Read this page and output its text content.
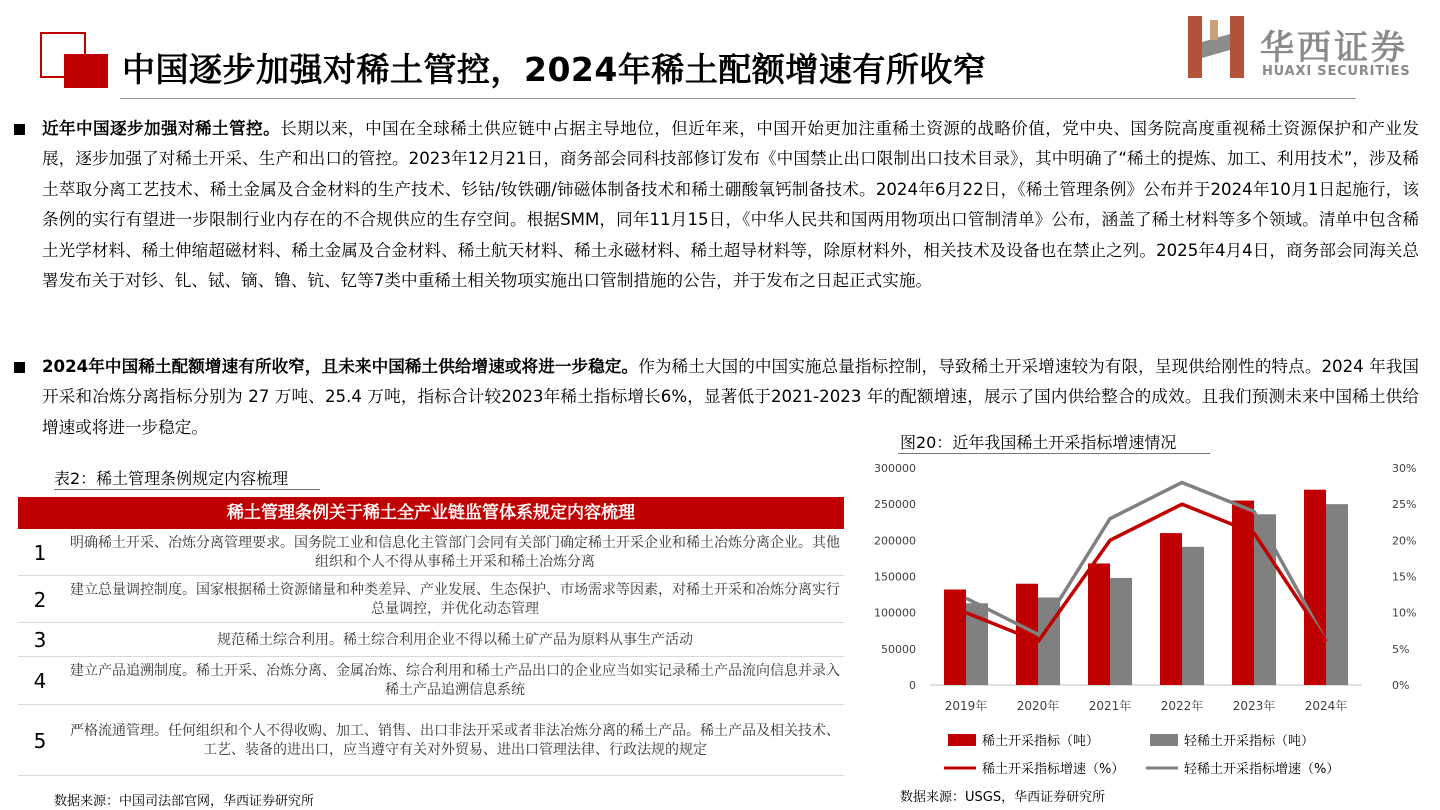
中国逐步加强对稀土管控，2024年稀土配额增速有所收窄
华西证券
HUAXI SECURITIES
近年中国逐步加强对稀土管控。长期以来，中国在全球稀土供应链中占据主导地位，但近年来，中国开始更加注重稀土资源的战略价值，党中央、国务院高度重视稀土资源保护和产业发展，逐步加强了对稀土开采、生产和出口的管控。2023年12月21日，商务部会同科技部修订发布《中国禁止出口限制出口技术目录》，其中明确了“稀土的提炼、加工、利用技术”，涉及稀土萃取分离工艺技术、稀土金属及合金材料的生产技术、钐钴/钕铁硼/铈磁体制备技术和稀土硼酸氧钙制备技术。2024年6月22日，《稀土管理条例》公布并于2024年10月1日起施行，该条例的实行有望进一步限制行业内存在的不合规供应的生存空间。根据SMM，同年11月15日，《中华人民共和国两用物项出口管制清单》公布，涵盖了稀土材料等多个领域。清单中包含稀土光学材料、稀土伸缩超磁材料、稀土金属及合金材料、稀土航天材料、稀土永磁材料、稀土超导材料等，除原材料外，相关技术及设备也在禁止之列。2025年4月4日，商务部会同海关总署发布关于对钐、钆、铽、镝、镥、钪、钇等7类中重稀土相关物项实施出口管制措施的公告，并于发布之日起正式实施。
2024年中国稀土配额增速有所收窄，且未来中国稀土供给增速或将进一步稳定。作为稀土大国的中国实施总量指标控制，导致稀土开采增速较为有限，呈现供给刚性的特点。2024 年我国开采和冶炼分离指标分别为 27 万吨、25.4 万吨，指标合计较2023年稀土指标增长6%，显著低于2021-2023 年的配额增速，展示了国内供给整合的成效。且我们预测未来中国稀土供给增速或将进一步稳定。
表2：稀土管理条例规定内容梳理
稀土管理条例关于稀土全产业链监管体系规定内容梳理
1	明确稀土开采、冶炼分离管理要求。国务院工业和信息化主管部门会同有关部门确定稀土开采企业和稀土冶炼分离企业。其他组织和个人不得从事稀土开采和稀土冶炼分离
2	建立总量调控制度。国家根据稀土资源储量和种类差异、产业发展、生态保护、市场需求等因素，对稀土开采和冶炼分离实行总量调控，并优化动态管理
3	规范稀土综合利用。稀土综合利用企业不得以稀土矿产品为原料从事生产活动
4	建立产品追溯制度。稀土开采、冶炼分离、金属冶炼、综合利用和稀土产品出口的企业应当如实记录稀土产品流向信息并录入稀土产品追溯信息系统
5	严格流通管理。任何组织和个人不得收购、加工、销售、出口非法开采或者非法冶炼分离的稀土产品。稀土产品及相关技术、工艺、装备的进出口，应当遵守有关对外贸易、进出口管理法律、行政法规的规定
数据来源：中国司法部官网，华西证券研究所
图20：近年我国稀土开采指标增速情况
0
50000
100000
150000
200000
250000
300000
0%
5%
10%
15%
20%
25%
30%
2019年 2020年 2021年 2022年 2023年 2024年
稀土开采指标（吨）	轻稀土开采指标（吨）
稀土开采指标增速（%）	轻稀土开采指标增速（%）
数据来源：USGS，华西证券研究所
